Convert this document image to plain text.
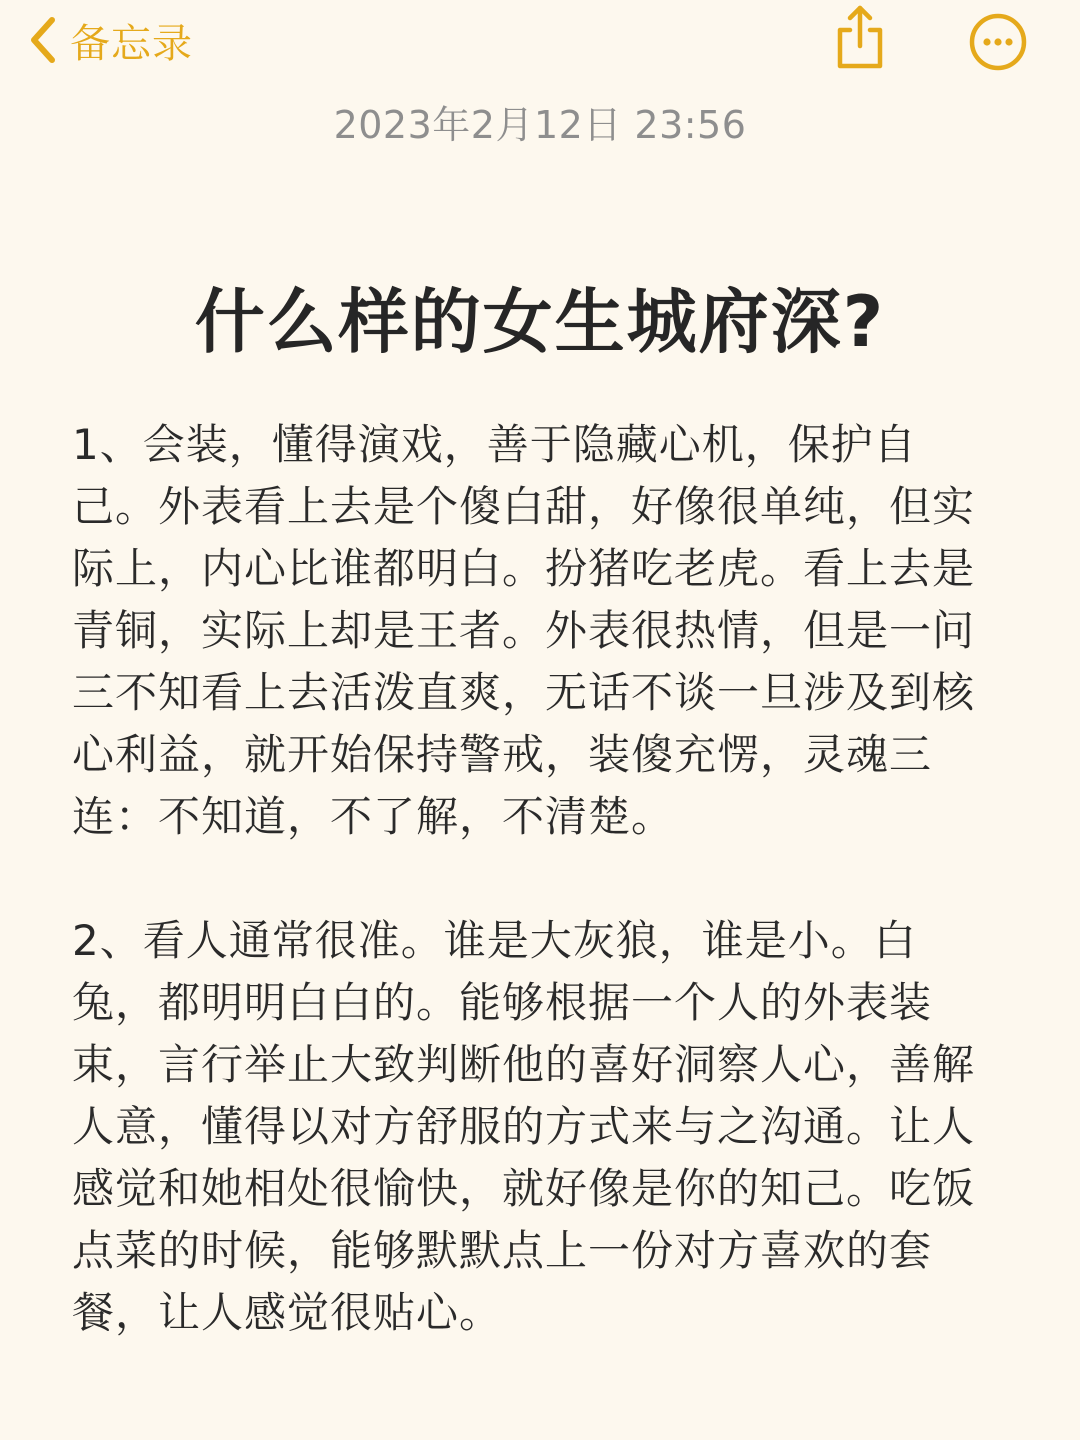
备忘录
2023年2月12日 23:56
什么样的女生城府深?

1、会装，懂得演戏，善于隐藏心机，保护自己。外表看上去是个傻白甜，好像很单纯，但实际上，内心比谁都明白。扮猪吃老虎。看上去是青铜，实际上却是王者。外表很热情，但是一问三不知看上去活泼直爽，无话不谈一旦涉及到核心利益，就开始保持警戒，装傻充愣，灵魂三连：不知道，不了解，不清楚。

2、看人通常很准。谁是大灰狼，谁是小。白兔，都明明白白的。能够根据一个人的外表装束，言行举止大致判断他的喜好洞察人心，善解人意，懂得以对方舒服的方式来与之沟通。让人感觉和她相处很愉快，就好像是你的知己。吃饭点菜的时候，能够默默点上一份对方喜欢的套餐，让人感觉很贴心。
